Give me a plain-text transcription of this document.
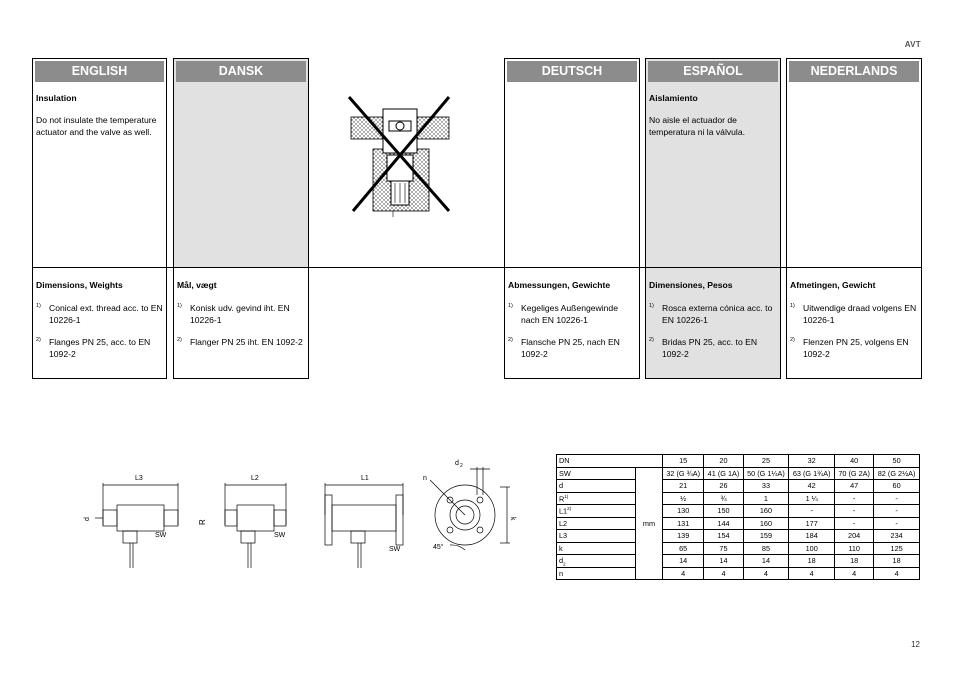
AVT
12
ENGLISH
Insulation
Do not insulate the temperature actuator and the valve as well.
DANSK	DEUTSCH	ESPAÑOL
Aislamiento
No aisle el actuador de temperatura ni la válvula.
NEDERLANDS
Dimensions, Weights
1) Conical ext. thread acc. to EN 10226-1
2) Flanges PN 25, acc. to EN 1092-2
Mål, vægt
1) Konisk udv. gevind iht. EN 10226-1
2) Flanger PN 25 iht. EN 1092-2
Abmessungen, Gewichte
1) Kegeliges Außengewinde nach EN 10226-1
2) Flansche PN 25, nach EN 1092-2
Dimensiones, Pesos
1) Rosca externa cónica acc. to EN 10226-1
2) Bridas PN 25, acc. to EN 1092-2
Afmetingen, Gewicht
1) Uitwendige draad volgens EN 10226-1
2) Flenzen PN 25, volgens EN 1092-2
L3
d
SW
L2
R
SW
L1
SW
n
d 2
k
45°
DN		15	20	25	32	40	50
SW	mm	32 (G ¾A)	41 (G 1A)	50 (G 1¼A)	63 (G 1¾A)	70 (G 2A)	82 (G 2½A)
d		21	26	33	42	47	60
$R^{1)}$		½	¾	1	1 ¼	-	-
L1$^{2)}$		130	150	160	-	-	-
L2		131	144	160	177	-	-
L3		139	154	159	184	204	234
k		65	75	85	100	110	125
$d_2$		14	14	14	18	18	18
n		4	4	4	4	4	4
